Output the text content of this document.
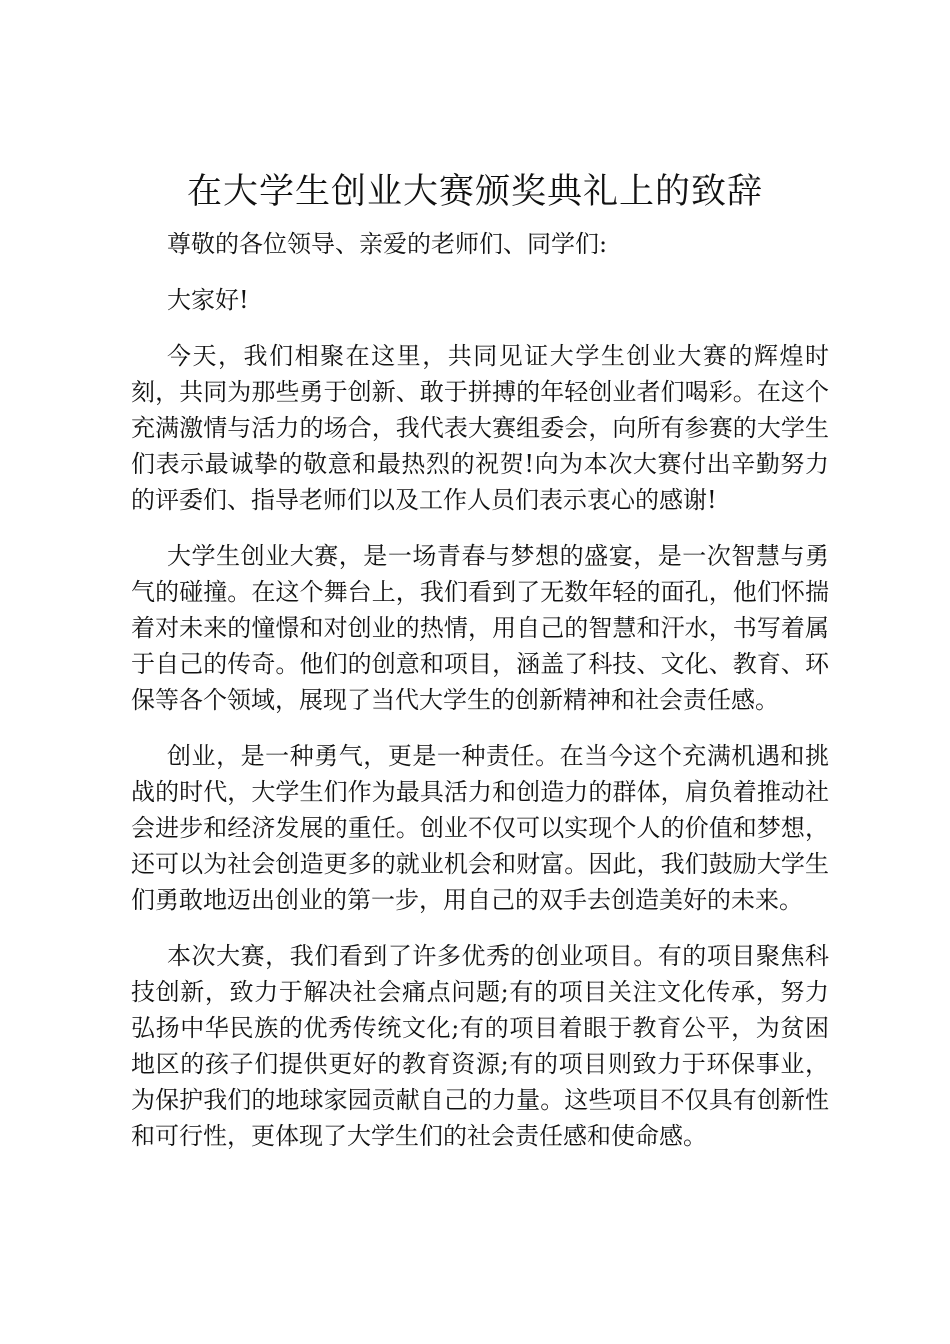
在大学生创业大赛颁奖典礼上的致辞

尊敬的各位领导、亲爱的老师们、同学们:

大家好!

今天，我们相聚在这里，共同见证大学生创业大赛的辉煌时刻，共同为那些勇于创新、敢于拼搏的年轻创业者们喝彩。在这个充满激情与活力的场合，我代表大赛组委会，向所有参赛的大学生们表示最诚挚的敬意和最热烈的祝贺!向为本次大赛付出辛勤努力的评委们、指导老师们以及工作人员们表示衷心的感谢!

大学生创业大赛，是一场青春与梦想的盛宴，是一次智慧与勇气的碰撞。在这个舞台上，我们看到了无数年轻的面孔，他们怀揣着对未来的憧憬和对创业的热情，用自己的智慧和汗水，书写着属于自己的传奇。他们的创意和项目，涵盖了科技、文化、教育、环保等各个领域，展现了当代大学生的创新精神和社会责任感。

创业，是一种勇气，更是一种责任。在当今这个充满机遇和挑战的时代，大学生们作为最具活力和创造力的群体，肩负着推动社会进步和经济发展的重任。创业不仅可以实现个人的价值和梦想，还可以为社会创造更多的就业机会和财富。因此，我们鼓励大学生们勇敢地迈出创业的第一步，用自己的双手去创造美好的未来。

本次大赛，我们看到了许多优秀的创业项目。有的项目聚焦科技创新，致力于解决社会痛点问题;有的项目关注文化传承，努力弘扬中华民族的优秀传统文化;有的项目着眼于教育公平，为贫困地区的孩子们提供更好的教育资源;有的项目则致力于环保事业，为保护我们的地球家园贡献自己的力量。这些项目不仅具有创新性和可行性，更体现了大学生们的社会责任感和使命感。
